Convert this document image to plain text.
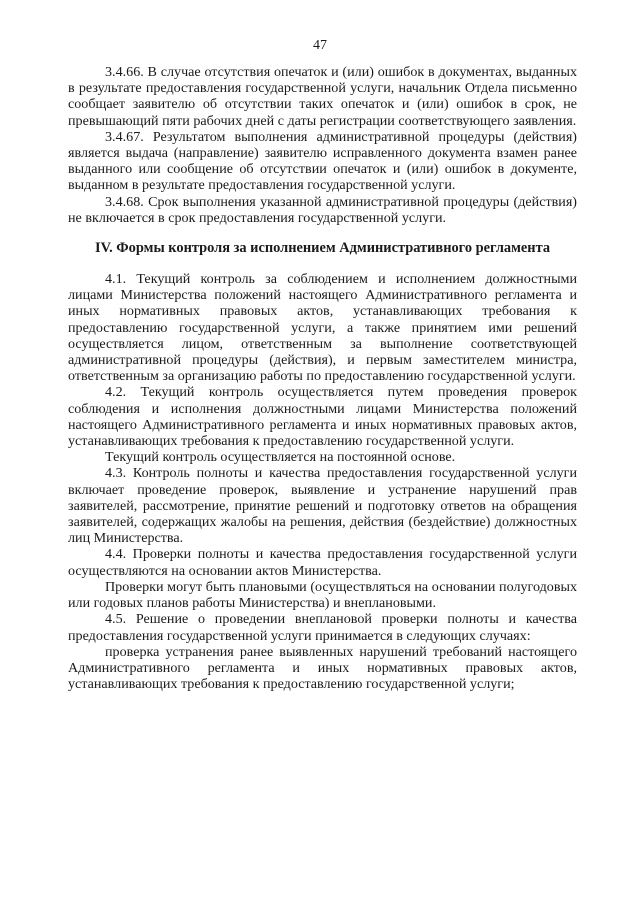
47

3.4.66. В случае отсутствия опечаток и (или) ошибок в документах, выданных в результате предоставления государственной услуги, начальник Отдела письменно сообщает заявителю об отсутствии таких опечаток и (или) ошибок в срок, не превышающий пяти рабочих дней с даты регистрации соответствующего заявления.

3.4.67. Результатом выполнения административной процедуры (действия) является выдача (направление) заявителю исправленного документа взамен ранее выданного или сообщение об отсутствии опечаток и (или) ошибок в документе, выданном в результате предоставления государственной услуги.

3.4.68. Срок выполнения указанной административной процедуры (действия) не включается в срок предоставления государственной услуги.

IV. Формы контроля за исполнением Административного регламента

4.1. Текущий контроль за соблюдением и исполнением должностными лицами Министерства положений настоящего Административного регламента и иных нормативных правовых актов, устанавливающих требования к предоставлению государственной услуги, а также принятием ими решений осуществляется лицом, ответственным за выполнение соответствующей административной процедуры (действия), и первым заместителем министра, ответственным за организацию работы по предоставлению государственной услуги.

4.2. Текущий контроль осуществляется путем проведения проверок соблюдения и исполнения должностными лицами Министерства положений настоящего Административного регламента и иных нормативных правовых актов, устанавливающих требования к предоставлению государственной услуги.

Текущий контроль осуществляется на постоянной основе.

4.3. Контроль полноты и качества предоставления государственной услуги включает проведение проверок, выявление и устранение нарушений прав заявителей, рассмотрение, принятие решений и подготовку ответов на обращения заявителей, содержащих жалобы на решения, действия (бездействие) должностных лиц Министерства.

4.4. Проверки полноты и качества предоставления государственной услуги осуществляются на основании актов Министерства.

Проверки могут быть плановыми (осуществляться на основании полугодовых или годовых планов работы Министерства) и внеплановыми.

4.5. Решение о проведении внеплановой проверки полноты и качества предоставления государственной услуги принимается в следующих случаях:

проверка устранения ранее выявленных нарушений требований настоящего Административного регламента и иных нормативных правовых актов, устанавливающих требования к предоставлению государственной услуги;
